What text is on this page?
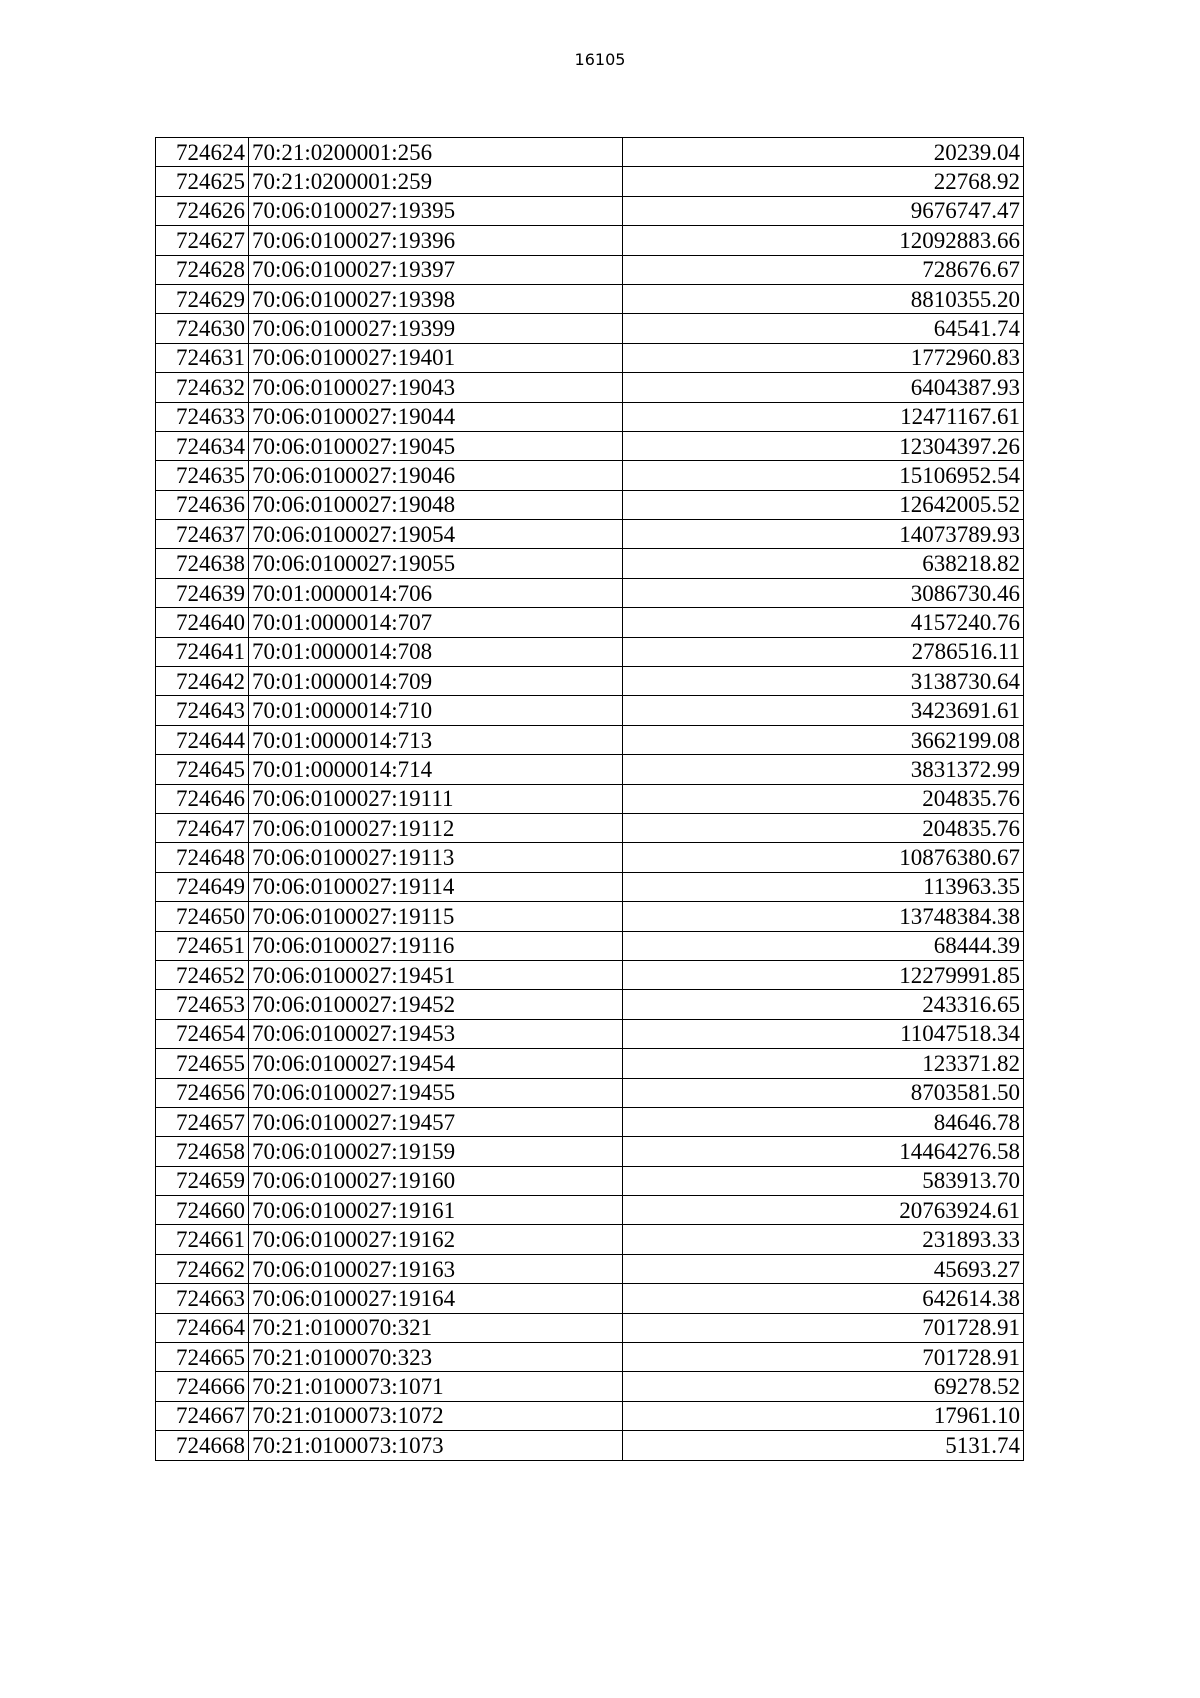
16105
724624	70:21:0200001:256	20239.04
724625	70:21:0200001:259	22768.92
724626	70:06:0100027:19395	9676747.47
724627	70:06:0100027:19396	12092883.66
724628	70:06:0100027:19397	728676.67
724629	70:06:0100027:19398	8810355.20
724630	70:06:0100027:19399	64541.74
724631	70:06:0100027:19401	1772960.83
724632	70:06:0100027:19043	6404387.93
724633	70:06:0100027:19044	12471167.61
724634	70:06:0100027:19045	12304397.26
724635	70:06:0100027:19046	15106952.54
724636	70:06:0100027:19048	12642005.52
724637	70:06:0100027:19054	14073789.93
724638	70:06:0100027:19055	638218.82
724639	70:01:0000014:706	3086730.46
724640	70:01:0000014:707	4157240.76
724641	70:01:0000014:708	2786516.11
724642	70:01:0000014:709	3138730.64
724643	70:01:0000014:710	3423691.61
724644	70:01:0000014:713	3662199.08
724645	70:01:0000014:714	3831372.99
724646	70:06:0100027:19111	204835.76
724647	70:06:0100027:19112	204835.76
724648	70:06:0100027:19113	10876380.67
724649	70:06:0100027:19114	113963.35
724650	70:06:0100027:19115	13748384.38
724651	70:06:0100027:19116	68444.39
724652	70:06:0100027:19451	12279991.85
724653	70:06:0100027:19452	243316.65
724654	70:06:0100027:19453	11047518.34
724655	70:06:0100027:19454	123371.82
724656	70:06:0100027:19455	8703581.50
724657	70:06:0100027:19457	84646.78
724658	70:06:0100027:19159	14464276.58
724659	70:06:0100027:19160	583913.70
724660	70:06:0100027:19161	20763924.61
724661	70:06:0100027:19162	231893.33
724662	70:06:0100027:19163	45693.27
724663	70:06:0100027:19164	642614.38
724664	70:21:0100070:321	701728.91
724665	70:21:0100070:323	701728.91
724666	70:21:0100073:1071	69278.52
724667	70:21:0100073:1072	17961.10
724668	70:21:0100073:1073	5131.74
